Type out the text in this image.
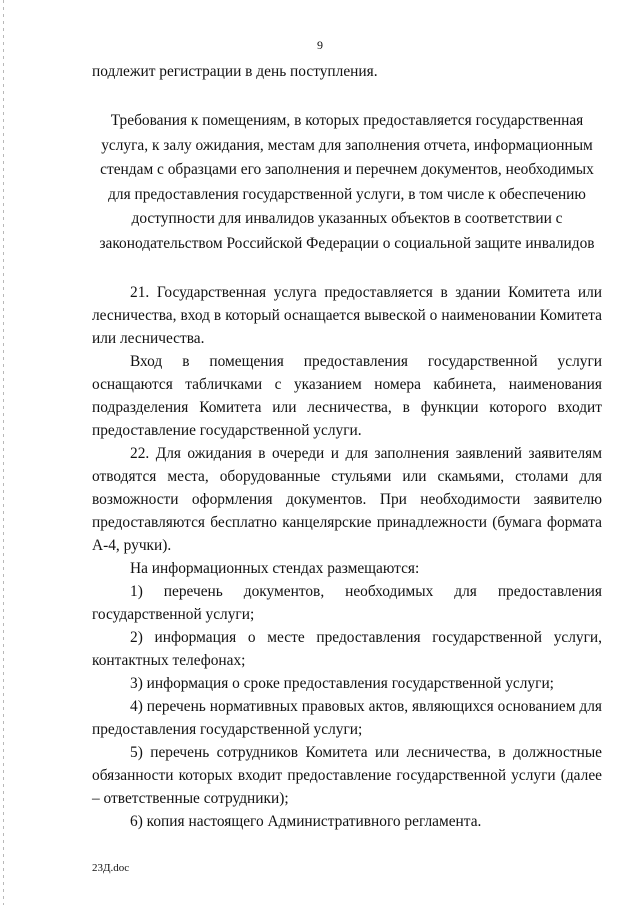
9

подлежит регистрации в день поступления.

Требования к помещениям, в которых предоставляется государственная услуга, к залу ожидания, местам для заполнения отчета, информационным стендам с образцами его заполнения и перечнем документов, необходимых для предоставления государственной услуги, в том числе к обеспечению доступности для инвалидов указанных объектов в соответствии с законодательством Российской Федерации о социальной защите инвалидов

21. Государственная услуга предоставляется в здании Комитета или лесничества, вход в который оснащается вывеской о наименовании Комитета или лесничества.

Вход в помещения предоставления государственной услуги оснащаются табличками с указанием номера кабинета, наименования подразделения Комитета или лесничества, в функции которого входит предоставление государственной услуги.

22. Для ожидания в очереди и для заполнения заявлений заявителям отводятся места, оборудованные стульями или скамьями, столами для возможности оформления документов. При необходимости заявителю предоставляются бесплатно канцелярские принадлежности (бумага формата А-4, ручки).

На информационных стендах размещаются:

1) перечень документов, необходимых для предоставления государственной услуги;

2) информация о месте предоставления государственной услуги, контактных телефонах;

3) информация о сроке предоставления государственной услуги;

4) перечень нормативных правовых актов, являющихся основанием для предоставления государственной услуги;

5) перечень сотрудников Комитета или лесничества, в должностные обязанности которых входит предоставление государственной услуги (далее – ответственные сотрудники);

6) копия настоящего Административного регламента.

23Д.doc
